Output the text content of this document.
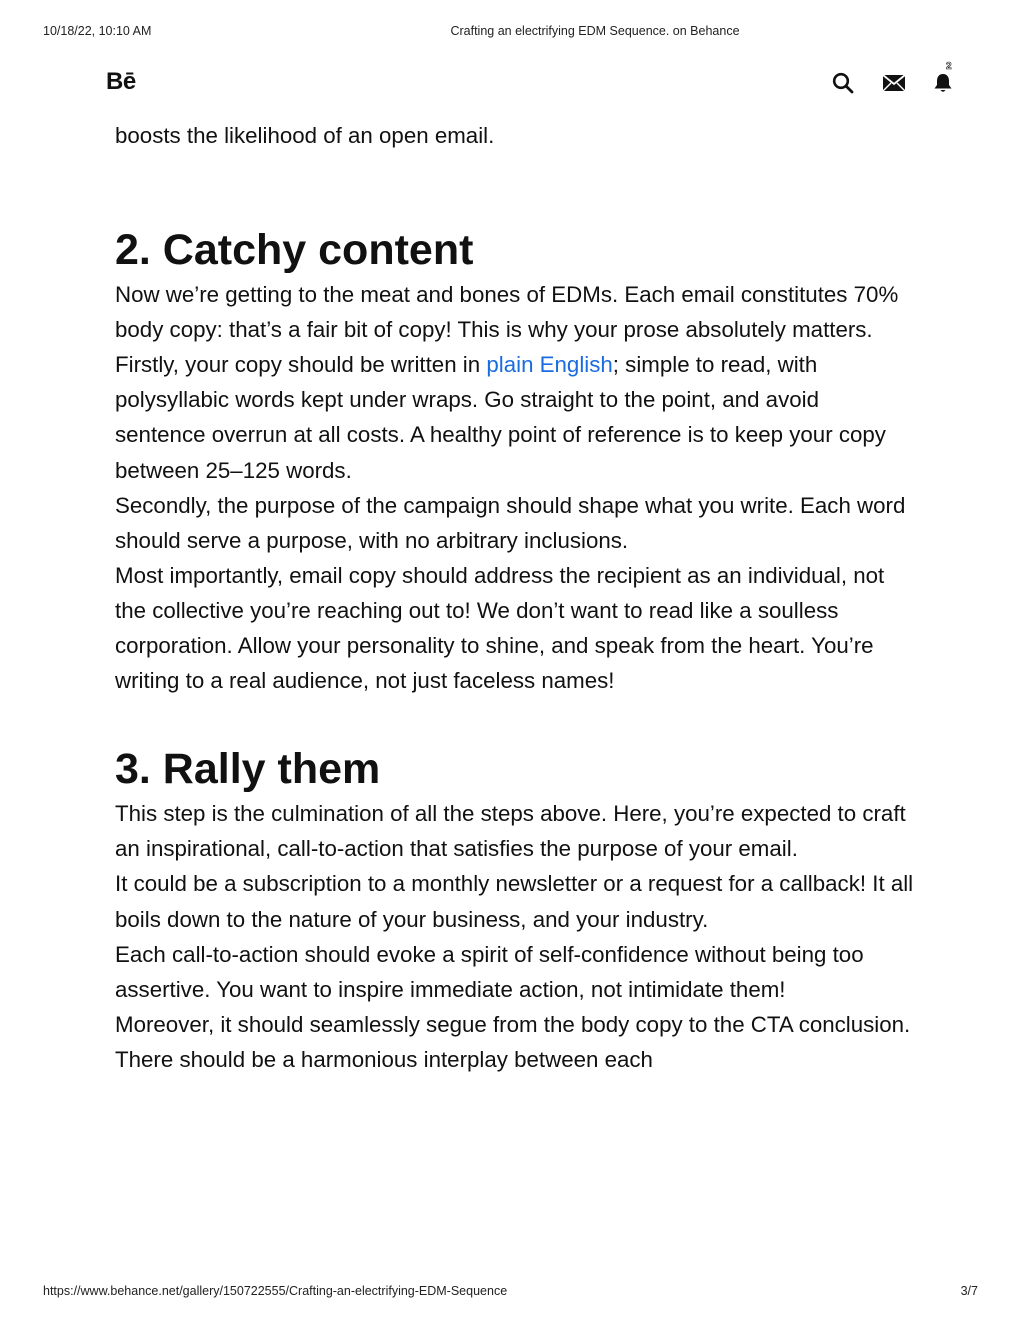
10/18/22, 10:10 AM	Crafting an electrifying EDM Sequence. on Behance
Bē
2

boosts the likelihood of an open email.

2. Catchy content

Now we’re getting to the meat and bones of EDMs. Each email constitutes 70% body copy: that’s a fair bit of copy! This is why your prose absolutely matters.

Firstly, your copy should be written in plain English; simple to read, with polysyllabic words kept under wraps. Go straight to the point, and avoid sentence overrun at all costs. A healthy point of reference is to keep your copy between 25–125 words.

Secondly, the purpose of the campaign should shape what you write. Each word should serve a purpose, with no arbitrary inclusions.

Most importantly, email copy should address the recipient as an individual, not the collective you’re reaching out to! We don’t want to read like a soulless corporation. Allow your personality to shine, and speak from the heart. You’re writing to a real audience, not just faceless names!

3. Rally them

This step is the culmination of all the steps above. Here, you’re expected to craft an inspirational, call-to-action that satisfies the purpose of your email.

It could be a subscription to a monthly newsletter or a request for a callback! It all boils down to the nature of your business, and your industry.

Each call-to-action should evoke a spirit of self-confidence without being too assertive. You want to inspire immediate action, not intimidate them!

Moreover, it should seamlessly segue from the body copy to the CTA conclusion. There should be a harmonious interplay between each

https://www.behance.net/gallery/150722555/Crafting-an-electrifying-EDM-Sequence	3/7
